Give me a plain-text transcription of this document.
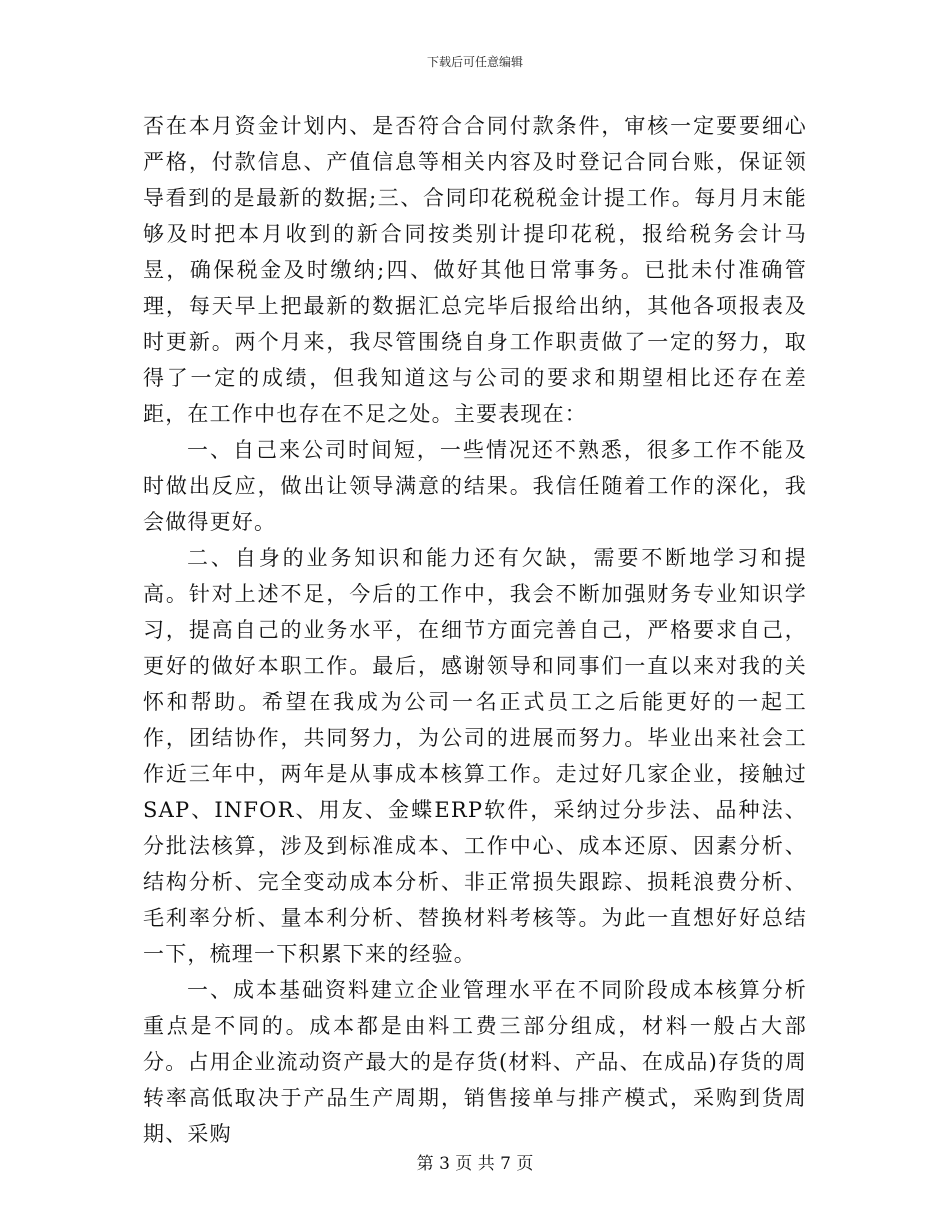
下载后可任意编辑

否在本月资金计划内、是否符合合同付款条件，审核一定要要细心严格，付款信息、产值信息等相关内容及时登记合同台账，保证领导看到的是最新的数据;三、合同印花税税金计提工作。每月月末能够及时把本月收到的新合同按类别计提印花税，报给税务会计马昱，确保税金及时缴纳;四、做好其他日常事务。已批未付准确管理，每天早上把最新的数据汇总完毕后报给出纳，其他各项报表及时更新。两个月来，我尽管围绕自身工作职责做了一定的努力，取得了一定的成绩，但我知道这与公司的要求和期望相比还存在差距，在工作中也存在不足之处。主要表现在：

一、自己来公司时间短，一些情况还不熟悉，很多工作不能及时做出反应，做出让领导满意的结果。我信任随着工作的深化，我会做得更好。

二、自身的业务知识和能力还有欠缺，需要不断地学习和提高。针对上述不足，今后的工作中，我会不断加强财务专业知识学习，提高自己的业务水平，在细节方面完善自己，严格要求自己，更好的做好本职工作。最后，感谢领导和同事们一直以来对我的关怀和帮助。希望在我成为公司一名正式员工之后能更好的一起工作，团结协作，共同努力，为公司的进展而努力。毕业出来社会工作近三年中，两年是从事成本核算工作。走过好几家企业，接触过SAP、INFOR、用友、金蝶ERP软件，采纳过分步法、品种法、分批法核算，涉及到标准成本、工作中心、成本还原、因素分析、结构分析、完全变动成本分析、非正常损失跟踪、损耗浪费分析、毛利率分析、量本利分析、替换材料考核等。为此一直想好好总结一下，梳理一下积累下来的经验。

一、成本基础资料建立企业管理水平在不同阶段成本核算分析重点是不同的。成本都是由料工费三部分组成，材料一般占大部分。占用企业流动资产最大的是存货(材料、产品、在成品)存货的周转率高低取决于产品生产周期，销售接单与排产模式，采购到货周期、采购

第 3 页 共 7 页
